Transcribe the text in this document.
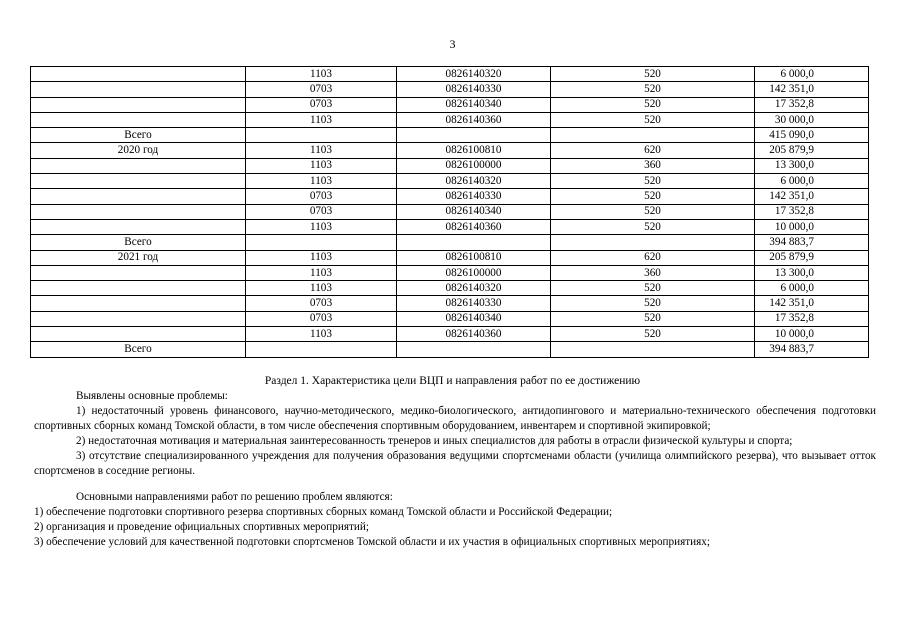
3
	1103	0826140320	520	6 000,0
	0703	0826140330	520	142 351,0
	0703	0826140340	520	17 352,8
	1103	0826140360	520	30 000,0
Всего				415 090,0
2020 год	1103	0826100810	620	205 879,9
	1103	0826100000	360	13 300,0
	1103	0826140320	520	6 000,0
	0703	0826140330	520	142 351,0
	0703	0826140340	520	17 352,8
	1103	0826140360	520	10 000,0
Всего				394 883,7
2021 год	1103	0826100810	620	205 879,9
	1103	0826100000	360	13 300,0
	1103	0826140320	520	6 000,0
	0703	0826140330	520	142 351,0
	0703	0826140340	520	17 352,8
	1103	0826140360	520	10 000,0
Всего				394 883,7
Раздел 1. Характеристика цели ВЦП и направления работ по ее достижению
Выявлены основные проблемы:
1) недостаточный уровень финансового, научно-методического, медико-биологического, антидопингового и материально-технического обеспечения подготовки спортивных сборных команд Томской области, в том числе обеспечения спортивным оборудованием, инвентарем и спортивной экипировкой;
2) недостаточная мотивация и материальная заинтересованность тренеров и иных специалистов для работы в отрасли физической культуры и спорта;
3) отсутствие специализированного учреждения для получения образования ведущими спортсменами области (училища олимпийского резерва), что вызывает отток спортсменов в соседние регионы.
Основными направлениями работ по решению проблем являются:
1) обеспечение подготовки спортивного резерва спортивных сборных команд Томской области и Российской Федерации;
2) организация и проведение официальных спортивных мероприятий;
3) обеспечение условий для качественной подготовки спортсменов Томской области и их участия в официальных спортивных мероприятиях;
